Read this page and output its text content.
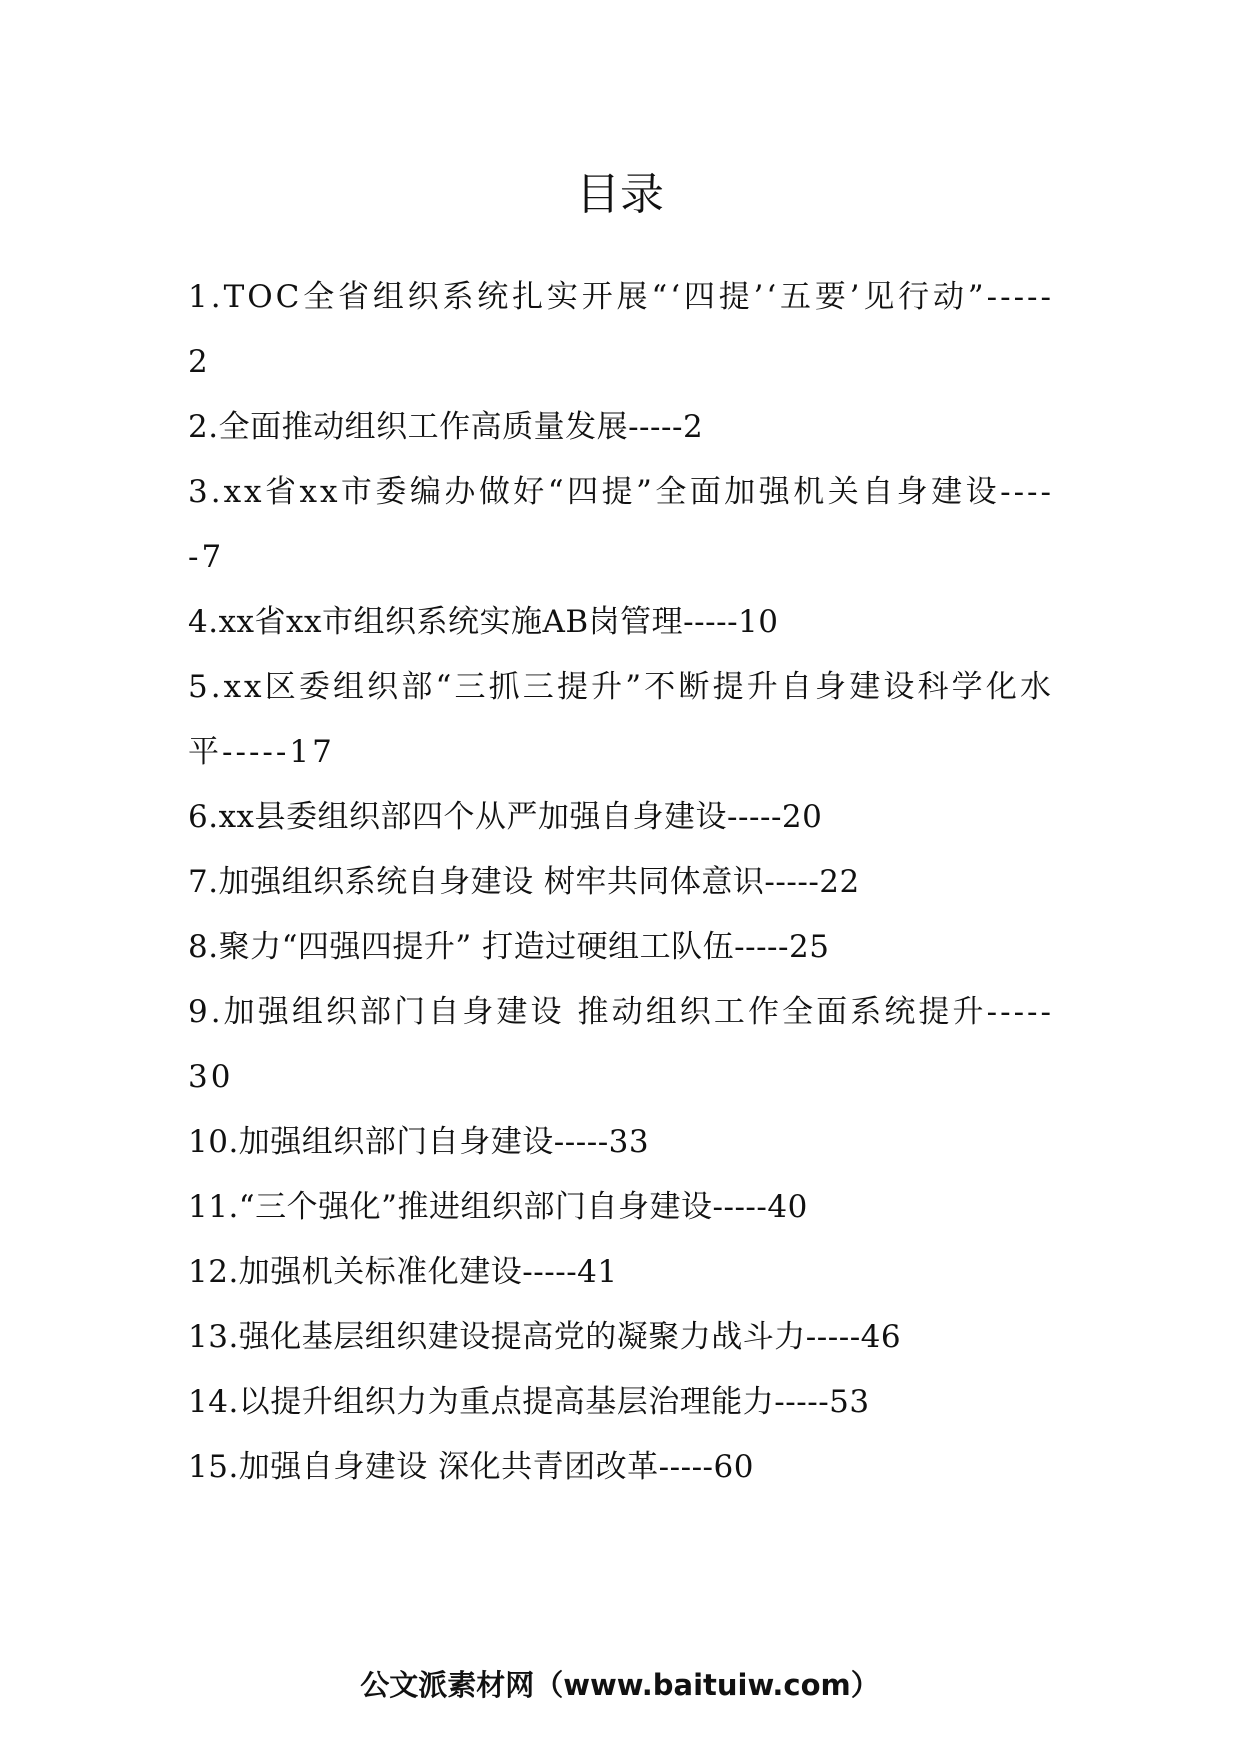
目录
1.TOC全省组织系统扎实开展“‘四提’‘五要’见行动”-----2
2.全面推动组织工作高质量发展-----2
3.xx省xx市委编办做好“四提”全面加强机关自身建设-----7
4.xx省xx市组织系统实施AB岗管理-----10
5.xx区委组织部“三抓三提升”不断提升自身建设科学化水平-----17
6.xx县委组织部四个从严加强自身建设-----20
7.加强组织系统自身建设 树牢共同体意识-----22
8.聚力“四强四提升” 打造过硬组工队伍-----25
9.加强组织部门自身建设 推动组织工作全面系统提升-----30
10.加强组织部门自身建设-----33
11.“三个强化”推进组织部门自身建设-----40
12.加强机关标准化建设-----41
13.强化基层组织建设提高党的凝聚力战斗力-----46
14.以提升组织力为重点提高基层治理能力-----53
15.加强自身建设 深化共青团改革-----60
公文派素材网（www.baituiw.com）
